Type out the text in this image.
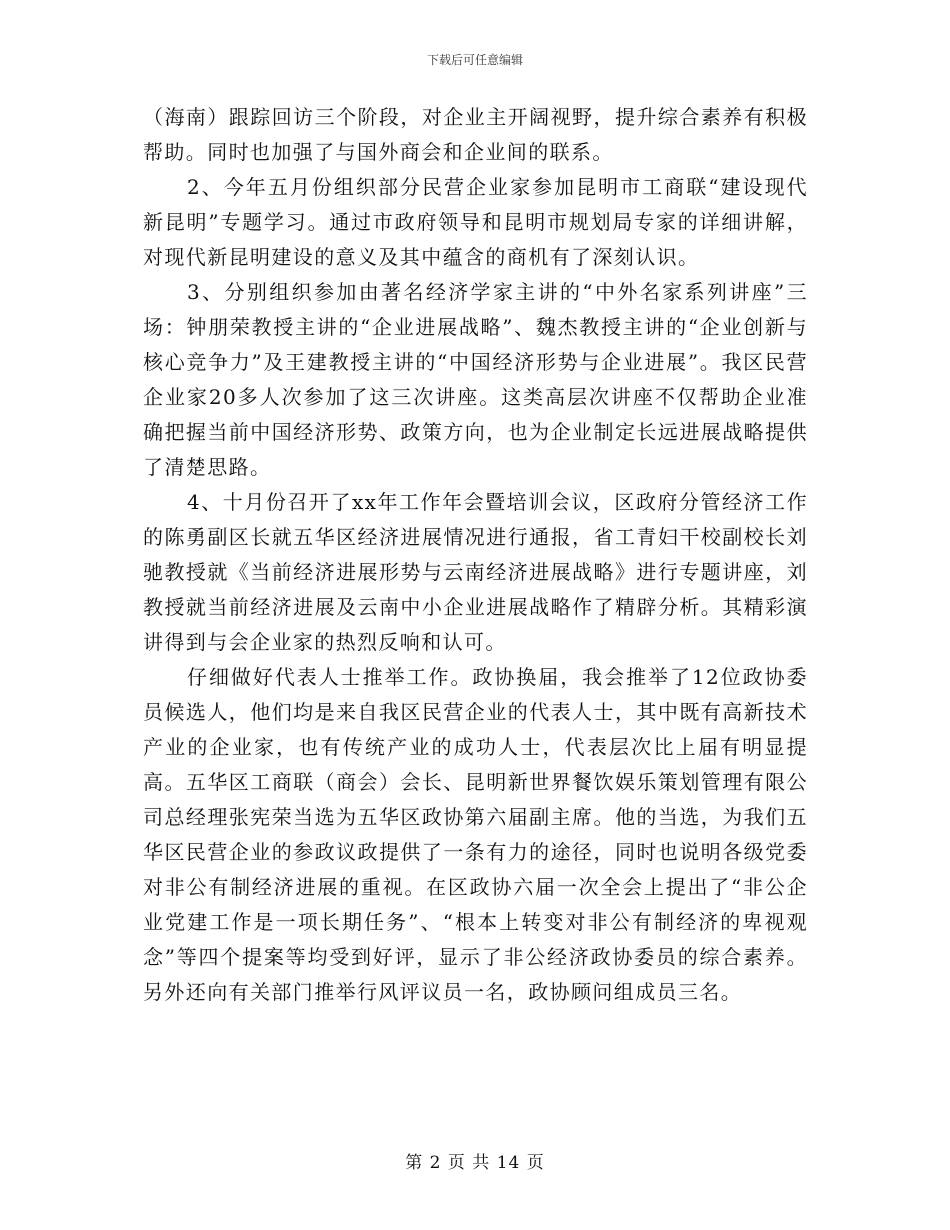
下载后可任意编辑

（海南）跟踪回访三个阶段，对企业主开阔视野，提升综合素养有积极帮助。同时也加强了与国外商会和企业间的联系。

2、今年五月份组织部分民营企业家参加昆明市工商联“建设现代新昆明”专题学习。通过市政府领导和昆明市规划局专家的详细讲解，对现代新昆明建设的意义及其中蕴含的商机有了深刻认识。

3、分别组织参加由著名经济学家主讲的“中外名家系列讲座”三场：钟朋荣教授主讲的“企业进展战略”、魏杰教授主讲的“企业创新与核心竞争力”及王建教授主讲的“中国经济形势与企业进展”。我区民营企业家20多人次参加了这三次讲座。这类高层次讲座不仅帮助企业准确把握当前中国经济形势、政策方向，也为企业制定长远进展战略提供了清楚思路。

4、十月份召开了xx年工作年会暨培训会议，区政府分管经济工作的陈勇副区长就五华区经济进展情况进行通报，省工青妇干校副校长刘驰教授就《当前经济进展形势与云南经济进展战略》进行专题讲座，刘教授就当前经济进展及云南中小企业进展战略作了精辟分析。其精彩演讲得到与会企业家的热烈反响和认可。

仔细做好代表人士推举工作。政协换届，我会推举了12位政协委员候选人，他们均是来自我区民营企业的代表人士，其中既有高新技术产业的企业家，也有传统产业的成功人士，代表层次比上届有明显提高。五华区工商联（商会）会长、昆明新世界餐饮娱乐策划管理有限公司总经理张宪荣当选为五华区政协第六届副主席。他的当选，为我们五华区民营企业的参政议政提供了一条有力的途径，同时也说明各级党委对非公有制经济进展的重视。在区政协六届一次全会上提出了“非公企业党建工作是一项长期任务”、“根本上转变对非公有制经济的卑视观念”等四个提案等均受到好评，显示了非公经济政协委员的综合素养。另外还向有关部门推举行风评议员一名，政协顾问组成员三名。

第 2 页 共 14 页
